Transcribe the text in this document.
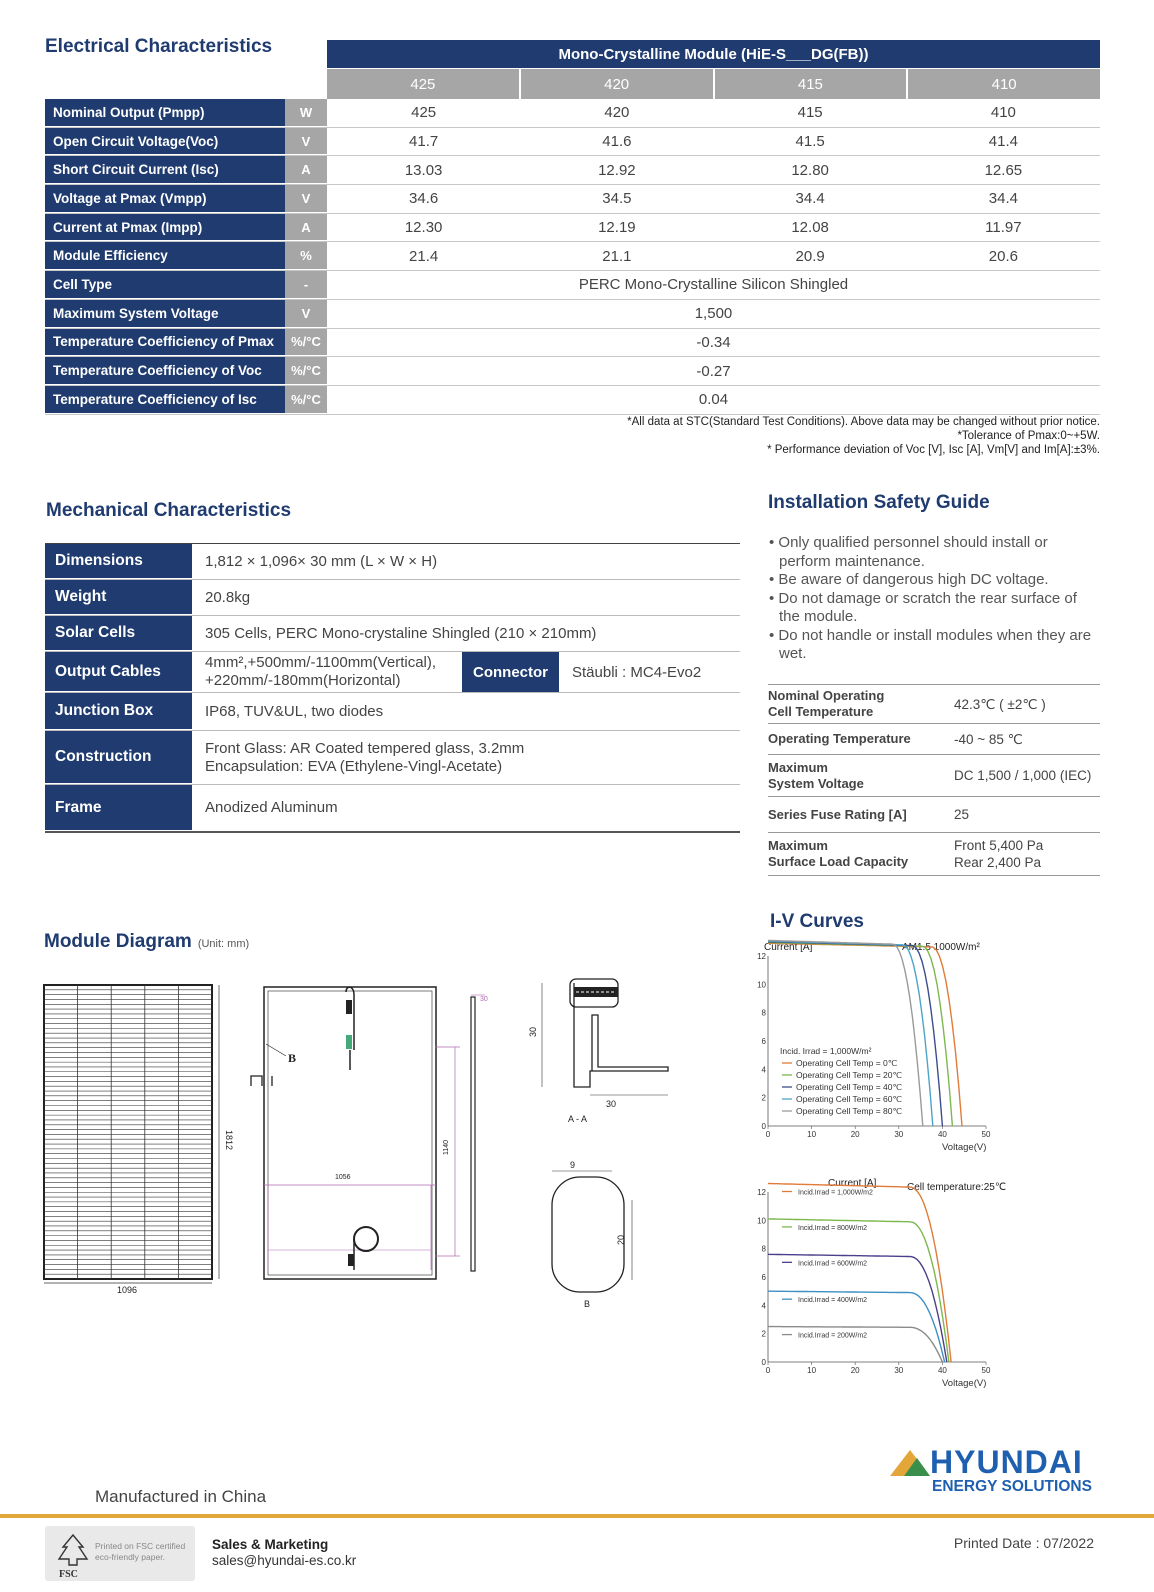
Electrical Characteristics	Mono-Crystalline Module (HiE-S___DG(FB))
425	420	415	410
Nominal Output (Pmpp)	W	425	420	415	410
Open Circuit Voltage(Voc)	V	41.7	41.6	41.5	41.4
Short Circuit Current (Isc)	A	13.03	12.92	12.80	12.65
Voltage at Pmax (Vmpp)	V	34.6	34.5	34.4	34.4
Current at Pmax (Impp)	A	12.30	12.19	12.08	11.97
Module Efficiency	%	21.4	21.1	20.9	20.6
Cell Type	-	PERC Mono-Crystalline Silicon Shingled
Maximum System Voltage	V	1,500
Temperature Coefficiency of Pmax	%/°C	-0.34
Temperature Coefficiency of Voc	%/°C	-0.27
Temperature Coefficiency of Isc	%/°C	0.04
*All data at STC(Standard Test Conditions). Above data may be changed without prior notice.
*Tolerance of Pmax:0~+5W.
* Performance deviation of Voc [V], Isc [A], Vm[V] and Im[A]:±3%.
Mechanical Characteristics
Dimensions	1,812 × 1,096× 30 mm (L × W × H)
Weight	20.8kg
Solar Cells	305 Cells, PERC Mono-crystaline Shingled (210 × 210mm)
Output Cables	4mm²,+500mm/-1100mm(Vertical),
+220mm/-180mm(Horizontal)	Connector	Stäubli : MC4-Evo2
Junction Box	IP68, TUV&UL, two diodes
Construction	Front Glass: AR Coated tempered glass, 3.2mm
Encapsulation: EVA (Ethylene-Vingl-Acetate)
Frame	Anodized Aluminum
Installation Safety Guide
• Only qualified personnel should install or perform maintenance.
• Be aware of dangerous high DC voltage.
• Do not damage or scratch the rear surface of the module.
• Do not handle or install modules when they are wet.
Nominal Operating
Cell Temperature	42.3℃ ( ±2℃ )
Operating Temperature	-40 ~ 85 ℃
Maximum
System Voltage	DC 1,500 / 1,000 (IEC)
Series Fuse Rating [A]	25
Maximum
Surface Load Capacity
Front 5,400 Pa
Rear 2,400 Pa
Module Diagram (Unit: mm)
1096
1812
B
1056
1140
30
30
30
A - A
9
20
B
I-V Curves
0	10	20	30	40	50
0
2
4
6
8
10
12
Current [A]	AM1.5 1000W/m²
Voltage(V)
Incid. Irrad = 1,000W/m²
Operating Cell Temp = 0℃
Operating Cell Temp = 20℃
Operating Cell Temp = 40℃
Operating Cell Temp = 60℃
Operating Cell Temp = 80℃
0	10	20	30	40	50
0
2
4
6
8
10
12
Current [A]	Cell temperature:25℃
Voltage(V)
Incid.Irrad = 1,000W/m2
Incid.Irrad = 800W/m2
Incid.Irrad = 600W/m2
Incid.Irrad = 400W/m2
Incid.Irrad = 200W/m2
HYUNDAI
ENERGY SOLUTIONS
Manufactured in China
FSC
Printed on FSC certified
eco-friendly paper.
Sales & Marketing
sales@hyundai-es.co.kr
Printed Date : 07/2022
